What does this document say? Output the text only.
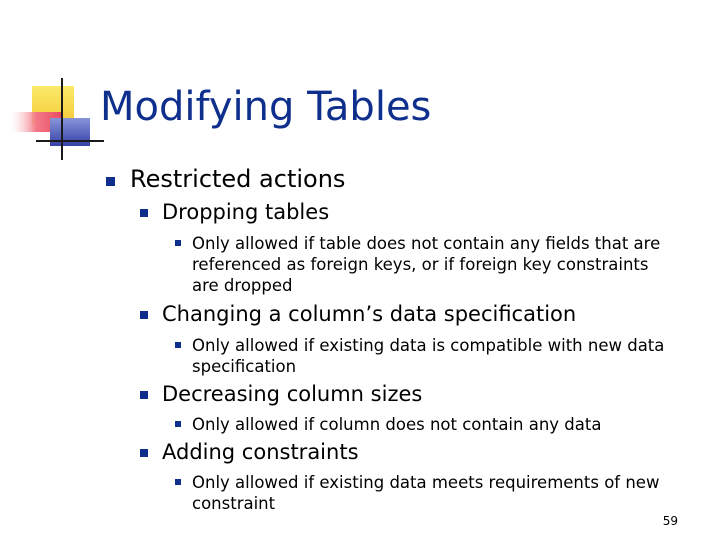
Modifying Tables
Restricted actions
Dropping tables
Only allowed if table does not contain any fields that are referenced as foreign keys, or if foreign key constraints are dropped
Changing a column’s data specification
Only allowed if existing data is compatible with new data specification
Decreasing column sizes
Only allowed if column does not contain any data
Adding constraints
Only allowed if existing data meets requirements of new constraint
59
